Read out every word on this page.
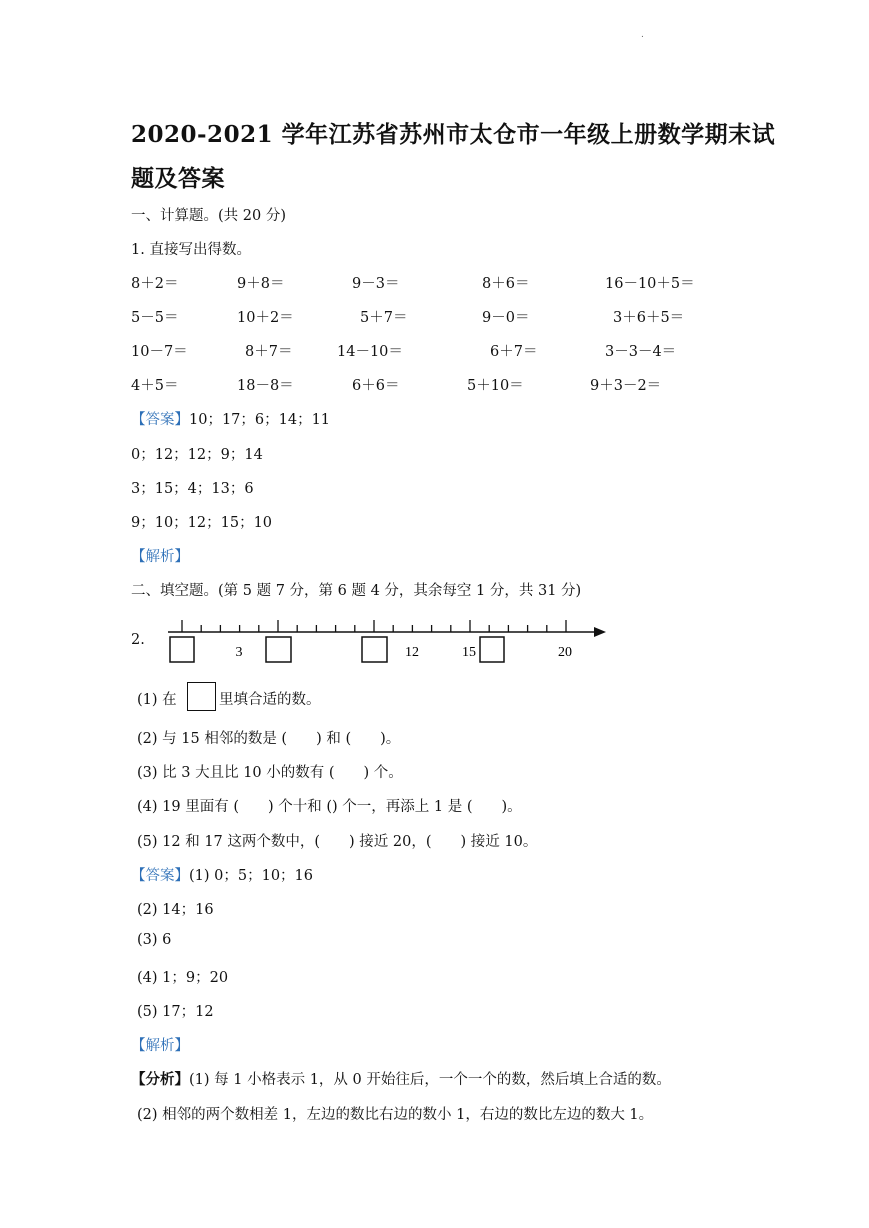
.
2020-2021 学年江苏省苏州市太仓市一年级上册数学期末试
题及答案
一、计算题。(共 20 分)
1. 直接写出得数。
8＋2＝	9＋8＝	9－3＝	8＋6＝	16－10＋5＝
5－5＝	10＋2＝	5＋7＝	9－0＝	3＋6＋5＝
10－7＝	8＋7＝	14－10＝	6＋7＝	3－3－4＝
4＋5＝	18－8＝	6＋6＝	5＋10＝	9＋3－2＝
【答案】10；17；6；14；11
0；12；12；9；14
3；15；4；13；6
9；10；12；15；10
【解析】
二、填空题。(第 5 题 7 分，第 6 题 4 分，其余每空 1 分，共 31 分)
2.
3	12	15	20
(1) 在	里填合适的数。
(2) 与 15 相邻的数是 (　　) 和 (　　)。
(3) 比 3 大且比 10 小的数有 (　　) 个。
(4) 19 里面有 (　　) 个十和 () 个一，再添上 1 是 (　　)。
(5) 12 和 17 这两个数中，(　　) 接近 20，(　　) 接近 10。
【答案】(1) 0；5；10；16
(2) 14；16
(3) 6
(4) 1；9；20
(5) 17；12
【解析】
【分析】(1) 每 1 小格表示 1，从 0 开始往后，一个一个的数，然后填上合适的数。
(2) 相邻的两个数相差 1，左边的数比右边的数小 1，右边的数比左边的数大 1。
